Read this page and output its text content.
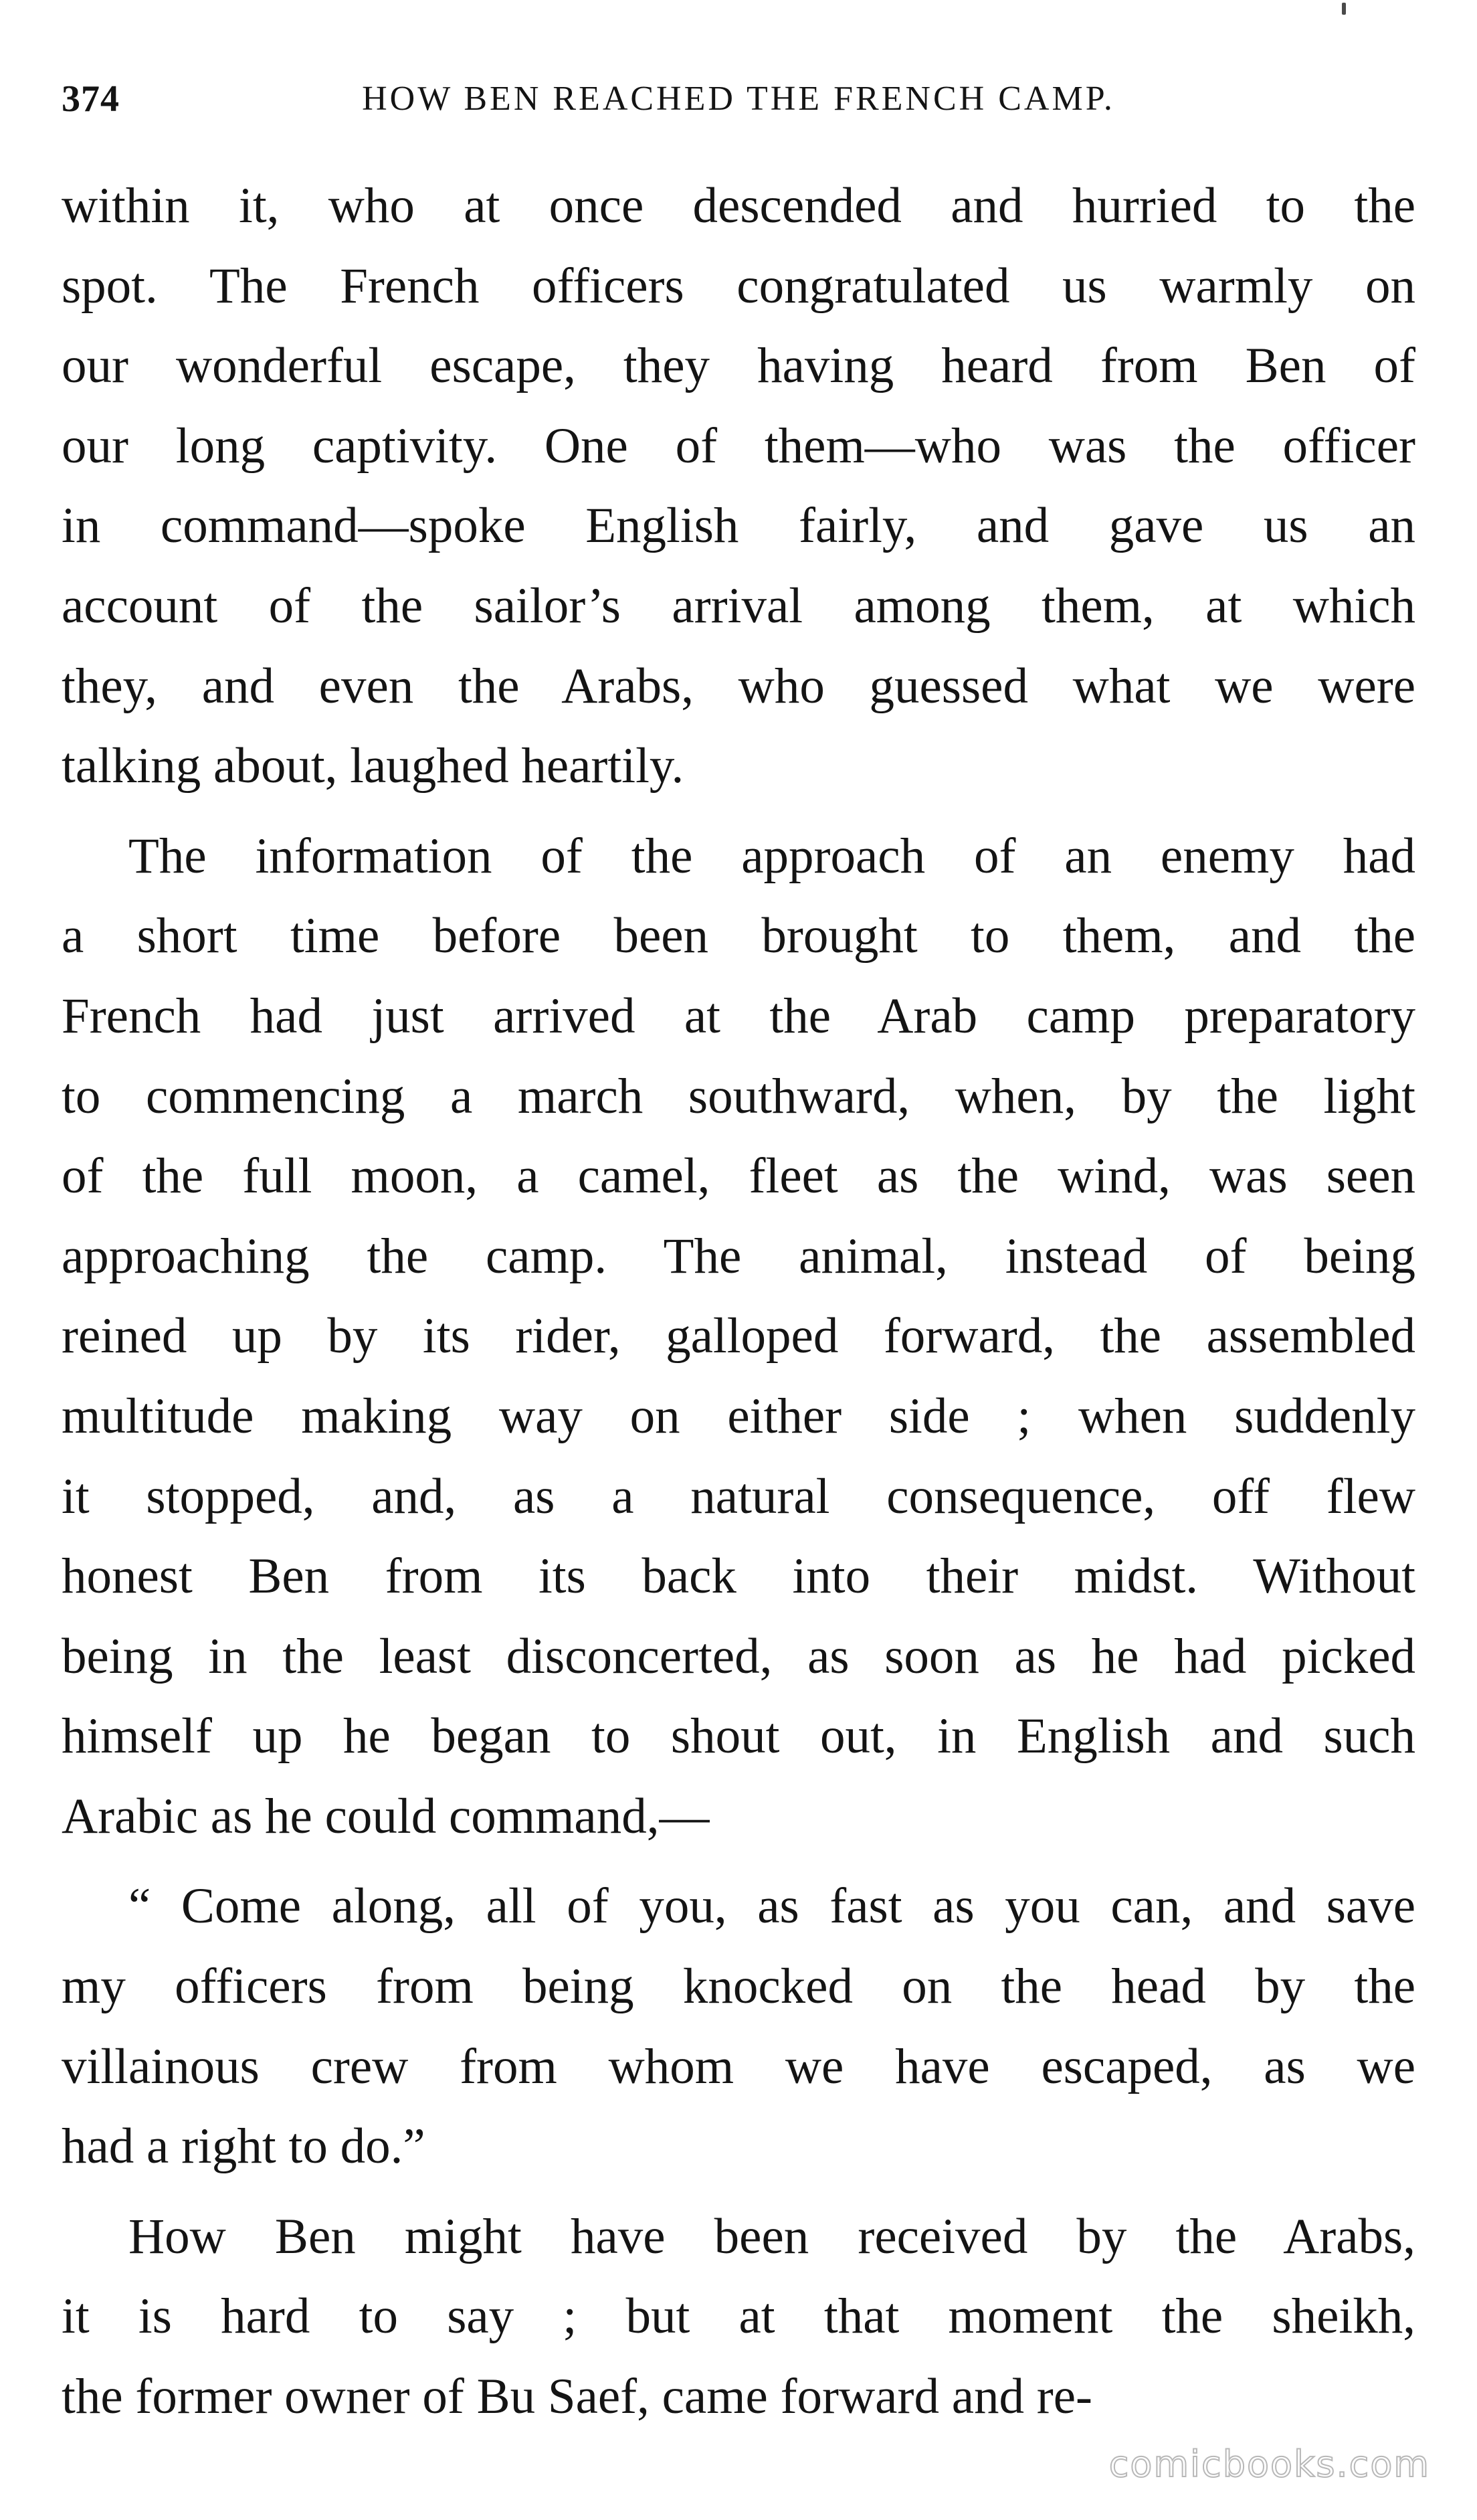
374	HOW BEN REACHED THE FRENCH CAMP.
within it, who at once descended and hurried to the
spot. The French officers congratulated us warmly on
our wonderful escape, they having heard from Ben of
our long captivity. One of them—who was the officer
in command—spoke English fairly, and gave us an
account of the sailor’s arrival among them, at which
they, and even the Arabs, who guessed what we were
talking about, laughed heartily.
The information of the approach of an enemy had
a short time before been brought to them, and the
French had just arrived at the Arab camp preparatory
to commencing a march southward, when, by the light
of the full moon, a camel, fleet as the wind, was seen
approaching the camp. The animal, instead of being
reined up by its rider, galloped forward, the assembled
multitude making way on either side ; when suddenly
it stopped, and, as a natural consequence, off flew
honest Ben from its back into their midst. Without
being in the least disconcerted, as soon as he had picked
himself up he began to shout out, in English and such
Arabic as he could command,—
“ Come along, all of you, as fast as you can, and save
my officers from being knocked on the head by the
villainous crew from whom we have escaped, as we
had a right to do.”
How Ben might have been received by the Arabs,
it is hard to say ; but at that moment the sheikh,
the former owner of Bu Saef, came forward and re-
comicbooks.com
